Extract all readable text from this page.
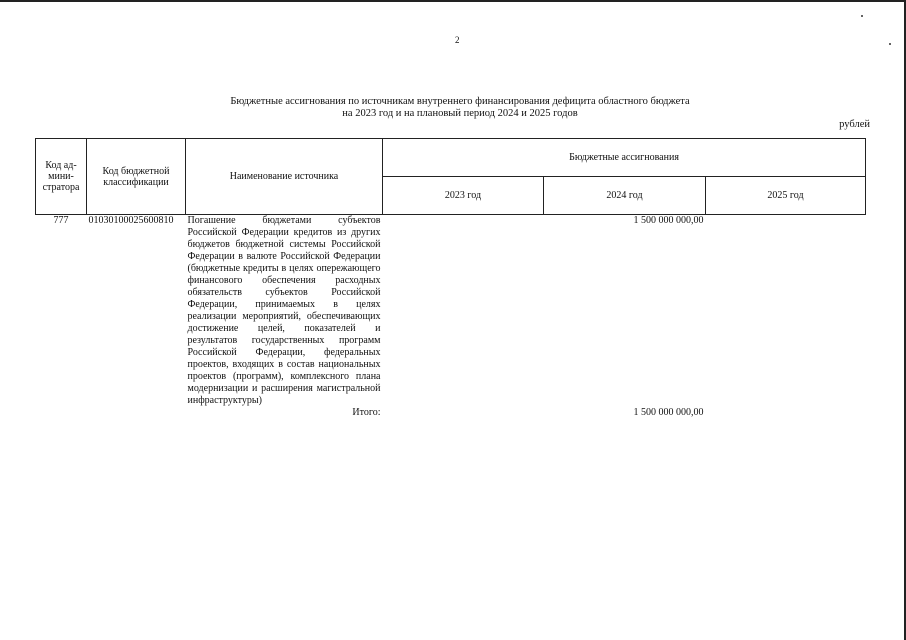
2
Бюджетные ассигнования по источникам внутреннего финансирования дефицита областного бюджета
на 2023 год и на плановый период 2024 и 2025 годов
рублей
Код ад-мини-стратора	Код бюджетной классификации	Наименование источника	Бюджетные ассигнования		
			2023 год	2024 год	2025 год
777	01030100025600810	Погашение бюджетами субъектов Российской Федерации кредитов из других бюджетов бюджетной системы Российской Федерации в валюте Российской Федерации (бюджетные кредиты в целях опережающего финансового обеспечения расходных обязательств субъектов Российской Федерации, принимаемых в целях реализации мероприятий, обеспечивающих достижение целей, показателей и результатов государственных программ Российской Федерации, федеральных проектов, входящих в состав национальных проектов (программ), комплексного плана модернизации и расширения магистральной инфраструктуры)		1 500 000 000,00	
		Итого:		1 500 000 000,00	
